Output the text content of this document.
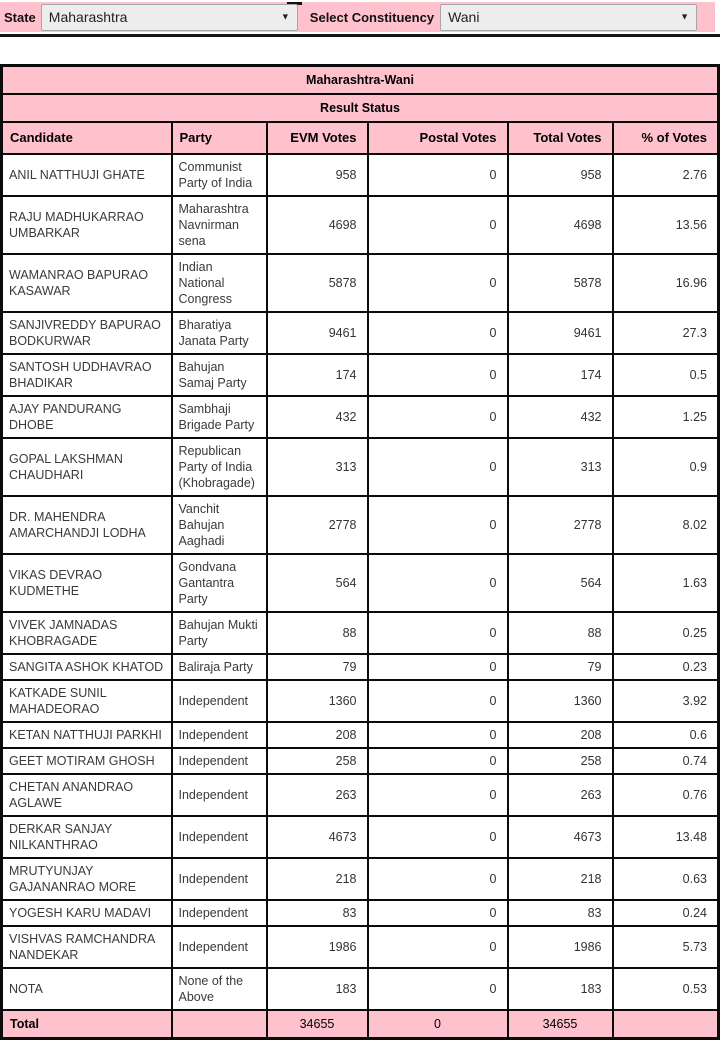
State
Maharashtra	▼	Select Constituency
Wani	▼
Maharashtra-Wani					
Result Status					
Candidate	Party	EVM Votes	Postal Votes	Total Votes	% of Votes
ANIL NATTHUJI GHATE	Communist Party of India	958	0	958	2.76
RAJU MADHUKARRAO UMBARKAR	Maharashtra Navnirman sena	4698	0	4698	13.56
WAMANRAO BAPURAO KASAWAR	Indian National Congress	5878	0	5878	16.96
SANJIVREDDY BAPURAO BODKURWAR	Bharatiya Janata Party	9461	0	9461	27.3
SANTOSH UDDHAVRAO BHADIKAR	Bahujan Samaj Party	174	0	174	0.5
AJAY PANDURANG DHOBE	Sambhaji Brigade Party	432	0	432	1.25
GOPAL LAKSHMAN CHAUDHARI	Republican Party of India (Khobragade)	313	0	313	0.9
DR. MAHENDRA AMARCHANDJI LODHA	Vanchit Bahujan Aaghadi	2778	0	2778	8.02
VIKAS DEVRAO KUDMETHE	Gondvana Gantantra Party	564	0	564	1.63
VIVEK JAMNADAS KHOBRAGADE	Bahujan Mukti Party	88	0	88	0.25
SANGITA ASHOK KHATOD	Baliraja Party	79	0	79	0.23
KATKADE SUNIL MAHADEORAO	Independent	1360	0	1360	3.92
KETAN NATTHUJI PARKHI	Independent	208	0	208	0.6
GEET MOTIRAM GHOSH	Independent	258	0	258	0.74
CHETAN ANANDRAO AGLAWE	Independent	263	0	263	0.76
DERKAR SANJAY NILKANTHRAO	Independent	4673	0	4673	13.48
MRUTYUNJAY GAJANANRAO MORE	Independent	218	0	218	0.63
YOGESH KARU MADAVI	Independent	83	0	83	0.24
VISHVAS RAMCHANDRA NANDEKAR	Independent	1986	0	1986	5.73
NOTA	None of the Above	183	0	183	0.53
Total		34655	0	34655	
